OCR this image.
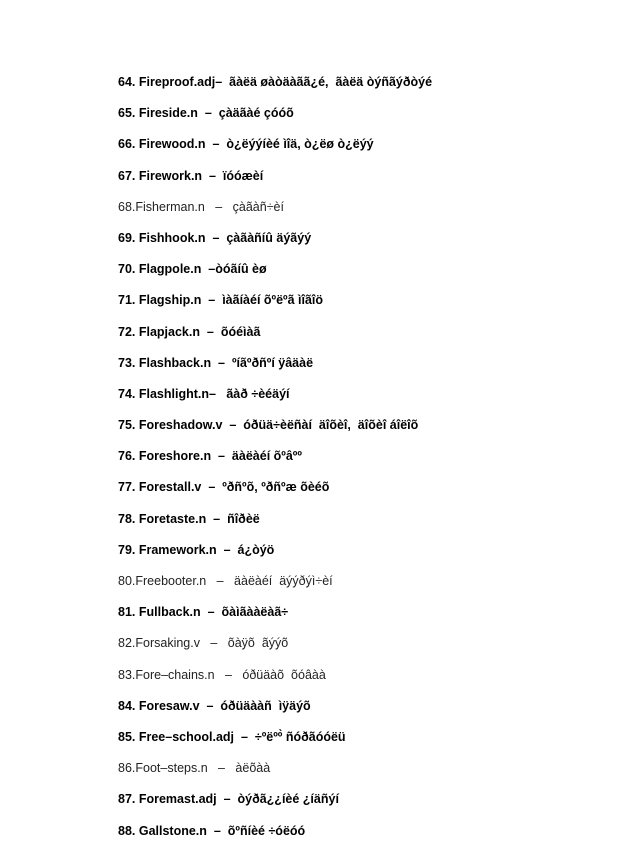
64. Fireproof.adj–  ãàëä øàòäàãã¿é,  ãàëä òýñãýðòýé
65. Fireside.n  –  çàäãàé çóóõ
66. Firewood.n  –  ò¿ëýýíèé ìîä, ò¿ëø ò¿ëýý
67. Firework.n  –  ïóóæèí
68.Fisherman.n   –   çàãàñ÷èí
69. Fishhook.n  –  çàãàñíû äýãýý
70. Flagpole.n  –òóãíû èø
71. Flagship.n  –  ìàãíàéí õºëºã ìîãîö
72. Flapjack.n  –  õóéìàã
73. Flashback.n  –  ºíãºðñºí ÿâäàë
74. Flashlight.n–   ãàð ÷èéäýí
75. Foreshadow.v  –  óðüä÷èëñàí  äîõèî,  äîõèî áîëîõ
76. Foreshore.n  –  äàëàéí õºâºº
77. Forestall.v  –  ºðñºõ, ºðñºæ õèéõ
78. Foretaste.n  –  ñîðèë
79. Framework.n  –  á¿òýö
80.Freebooter.n   –   äàëàéí  äýýðýì÷èí
81. Fullback.n  –  õàìãààëàã÷
82.Forsaking.v   –   õàÿõ  ãýýõ
83.Fore–chains.n   –   óðüäàõ  õóâàà
84. Foresaw.v  –  óðüäààñ  ìÿäýõ
85. Free–school.adj  –  ÷ºëºº̀ ñóðãóóëü
86.Foot–steps.n   –   àëõàà
87. Foremast.adj  –  òýðã¿¿íèé ¿íäñýí
88. Gallstone.n  –  õºñíèé ÷óëóó
